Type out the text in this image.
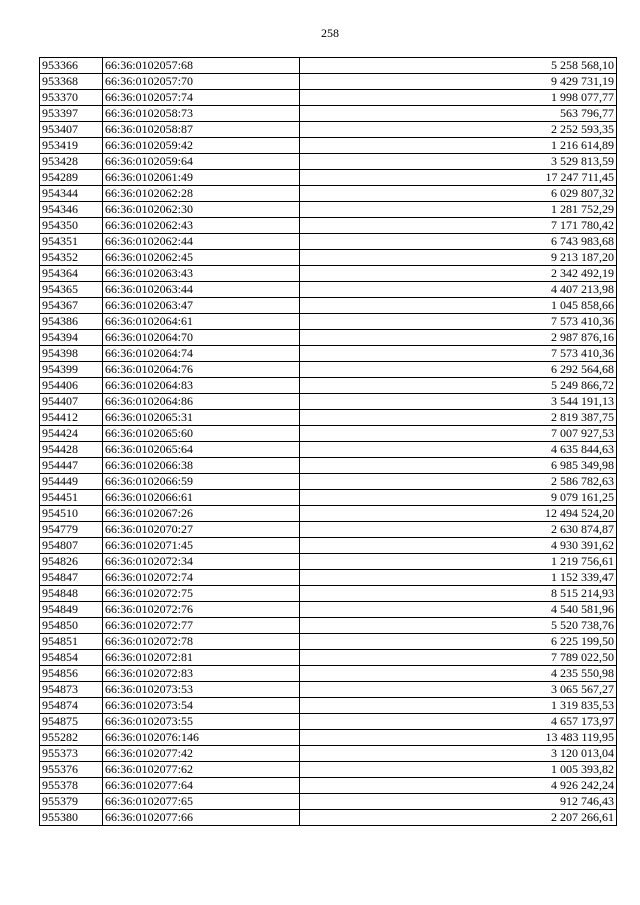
258
953366	66:36:0102057:68	5 258 568,10
953368	66:36:0102057:70	9 429 731,19
953370	66:36:0102057:74	1 998 077,77
953397	66:36:0102058:73	563 796,77
953407	66:36:0102058:87	2 252 593,35
953419	66:36:0102059:42	1 216 614,89
953428	66:36:0102059:64	3 529 813,59
954289	66:36:0102061:49	17 247 711,45
954344	66:36:0102062:28	6 029 807,32
954346	66:36:0102062:30	1 281 752,29
954350	66:36:0102062:43	7 171 780,42
954351	66:36:0102062:44	6 743 983,68
954352	66:36:0102062:45	9 213 187,20
954364	66:36:0102063:43	2 342 492,19
954365	66:36:0102063:44	4 407 213,98
954367	66:36:0102063:47	1 045 858,66
954386	66:36:0102064:61	7 573 410,36
954394	66:36:0102064:70	2 987 876,16
954398	66:36:0102064:74	7 573 410,36
954399	66:36:0102064:76	6 292 564,68
954406	66:36:0102064:83	5 249 866,72
954407	66:36:0102064:86	3 544 191,13
954412	66:36:0102065:31	2 819 387,75
954424	66:36:0102065:60	7 007 927,53
954428	66:36:0102065:64	4 635 844,63
954447	66:36:0102066:38	6 985 349,98
954449	66:36:0102066:59	2 586 782,63
954451	66:36:0102066:61	9 079 161,25
954510	66:36:0102067:26	12 494 524,20
954779	66:36:0102070:27	2 630 874,87
954807	66:36:0102071:45	4 930 391,62
954826	66:36:0102072:34	1 219 756,61
954847	66:36:0102072:74	1 152 339,47
954848	66:36:0102072:75	8 515 214,93
954849	66:36:0102072:76	4 540 581,96
954850	66:36:0102072:77	5 520 738,76
954851	66:36:0102072:78	6 225 199,50
954854	66:36:0102072:81	7 789 022,50
954856	66:36:0102072:83	4 235 550,98
954873	66:36:0102073:53	3 065 567,27
954874	66:36:0102073:54	1 319 835,53
954875	66:36:0102073:55	4 657 173,97
955282	66:36:0102076:146	13 483 119,95
955373	66:36:0102077:42	3 120 013,04
955376	66:36:0102077:62	1 005 393,82
955378	66:36:0102077:64	4 926 242,24
955379	66:36:0102077:65	912 746,43
955380	66:36:0102077:66	2 207 266,61
